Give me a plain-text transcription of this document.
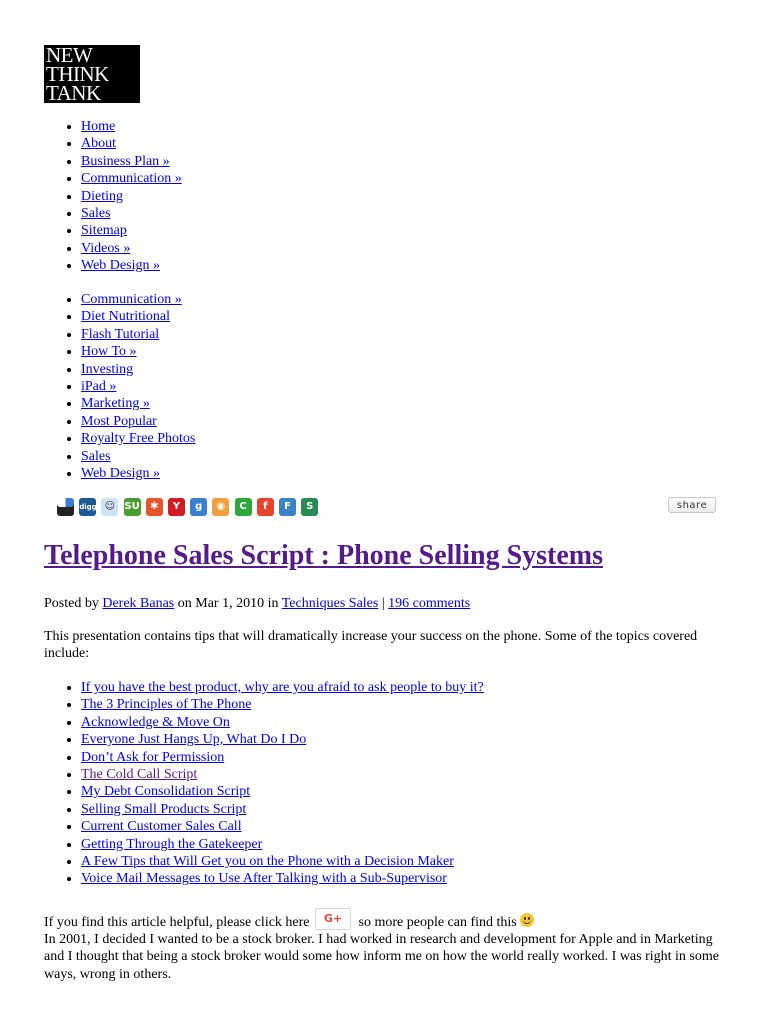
NEW
THINK
TANK
• Home
• About
• Business Plan »
• Communication »
• Dieting
• Sales
• Sitemap
• Videos »
• Web Design »
• Communication »
• Diet Nutritional
• Flash Tutorial
• How To »
• Investing
• iPad »
• Marketing »
• Most Popular
• Royalty Free Photos
• Sales
• Web Design »
digg ☺ SU	✱	Y	g	◉	C	f	F	S	share
Telephone Sales Script : Phone Selling Systems
Posted by Derek Banas on Mar 1, 2010 in Techniques Sales | 196 comments

This presentation contains tips that will dramatically increase your success on the phone. Some of the topics covered include:

• If you have the best product, why are you afraid to ask people to buy it?
• The 3 Principles of The Phone
• Acknowledge & Move On
• Everyone Just Hangs Up, What Do I Do
• Don’t Ask for Permission
• The Cold Call Script
• My Debt Consolidation Script
• Selling Small Products Script
• Current Customer Sales Call
• Getting Through the Gatekeeper
• A Few Tips that Will Get you on the Phone with a Decision Maker
• Voice Mail Messages to Use After Talking with a Sub-Supervisor
If you find this article helpful, please click here G+ so more people can find this

In 2001, I decided I wanted to be a stock broker. I had worked in research and development for Apple and in Marketing and I thought that being a stock broker would some how inform me on how the world really worked. I was right in some ways, wrong in others.
